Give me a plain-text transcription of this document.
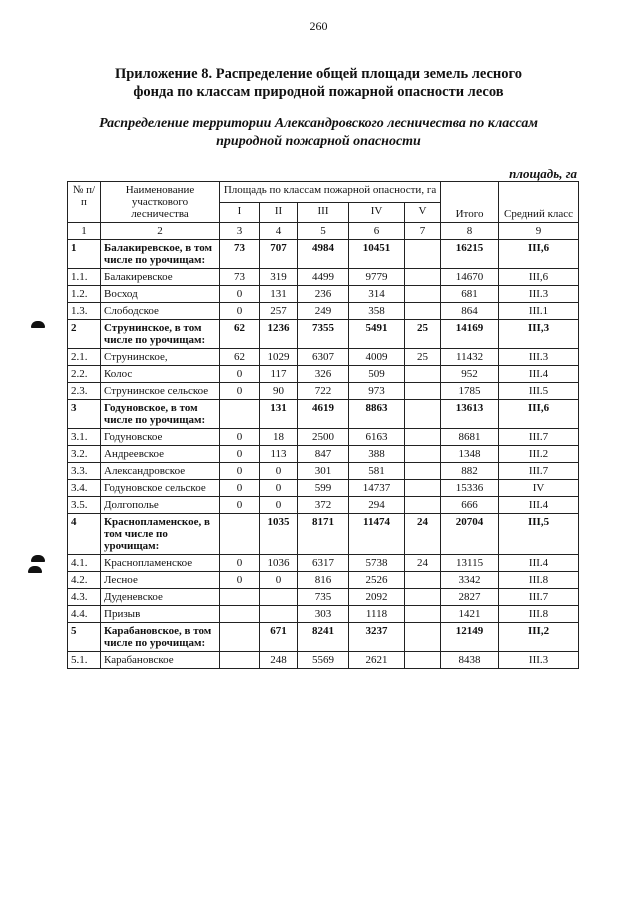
260
Приложение 8. Распределение общей площади земель лесного
фонда по классам природной пожарной опасности лесов
Распределение территории Александровского лесничества по классам
природной пожарной опасности
площадь, га
№ п/п	Наименование участкового лесничества	Площадь по классам пожарной опасности, га					Итого	Средний класс
		I	II	III	IV	V		
1	2	3	4	5	6	7	8	9
1	Балакиревское, в том числе по урочищам:	73	707	4984	10451		16215	III,6
1.1.	Балакиревское	73	319	4499	9779		14670	III,6
1.2.	Восход	0	131	236	314		681	III.3
1.3.	Слободское	0	257	249	358		864	III.1
2	Струнинское, в том числе по урочищам:	62	1236	7355	5491	25	14169	III,3
2.1.	Струнинское,	62	1029	6307	4009	25	11432	III.3
2.2.	Колос	0	117	326	509		952	III.4
2.3.	Струнинское сельское	0	90	722	973		1785	III.5
3	Годуновское, в том числе по урочищам:		131	4619	8863		13613	III,6
3.1.	Годуновское	0	18	2500	6163		8681	III.7
3.2.	Андреевское	0	113	847	388		1348	III.2
3.3.	Александровское	0	0	301	581		882	III.7
3.4.	Годуновское сельское	0	0	599	14737		15336	IV
3.5.	Долгополье	0	0	372	294		666	III.4
4	Краснопламенское, в том числе по урочищам:		1035	8171	11474	24	20704	III,5
4.1.	Краснопламенское	0	1036	6317	5738	24	13115	III.4
4.2.	Лесное	0	0	816	2526		3342	III.8
4.3.	Дуденевское			735	2092		2827	III.7
4.4.	Призыв			303	1118		1421	III.8
5	Карабановское, в том числе по урочищам:		671	8241	3237		12149	III,2
5.1.	Карабановское		248	5569	2621		8438	III.3
